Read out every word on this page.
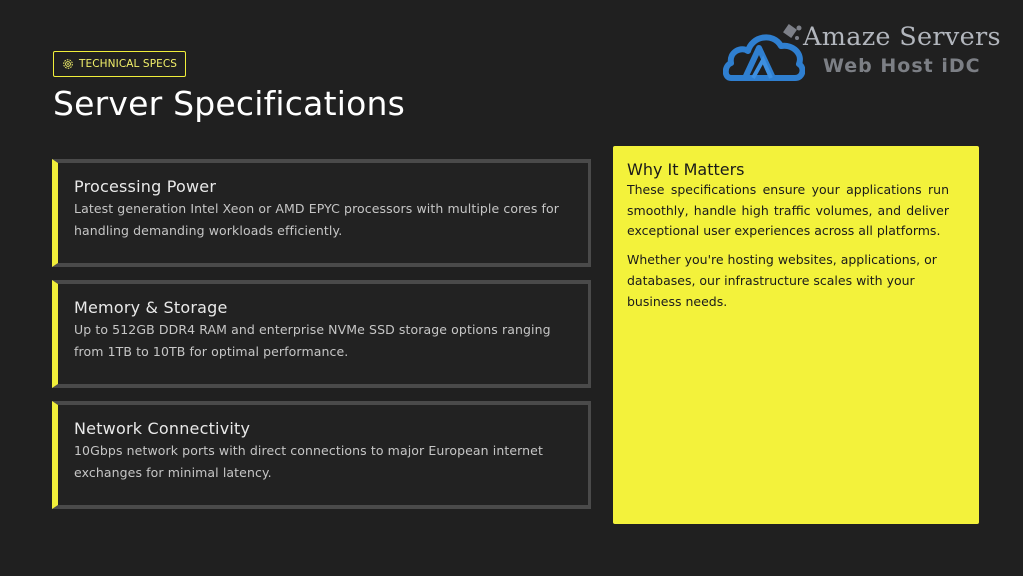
TECHNICAL SPECS
Server Specifications
Amaze Servers
Web Host iDC
Processing Power
Latest generation Intel Xeon or AMD EPYC processors with multiple cores for handling demanding workloads efficiently.
Memory & Storage
Up to 512GB DDR4 RAM and enterprise NVMe SSD storage options ranging from 1TB to 10TB for optimal performance.
Network Connectivity
10Gbps network ports with direct connections to major European internet exchanges for minimal latency.
Why It Matters

These specifications ensure your applications run smoothly, handle high traffic volumes, and deliver exceptional user experiences across all platforms.

Whether you're hosting websites, applications, or databases, our infrastructure scales with your business needs.
